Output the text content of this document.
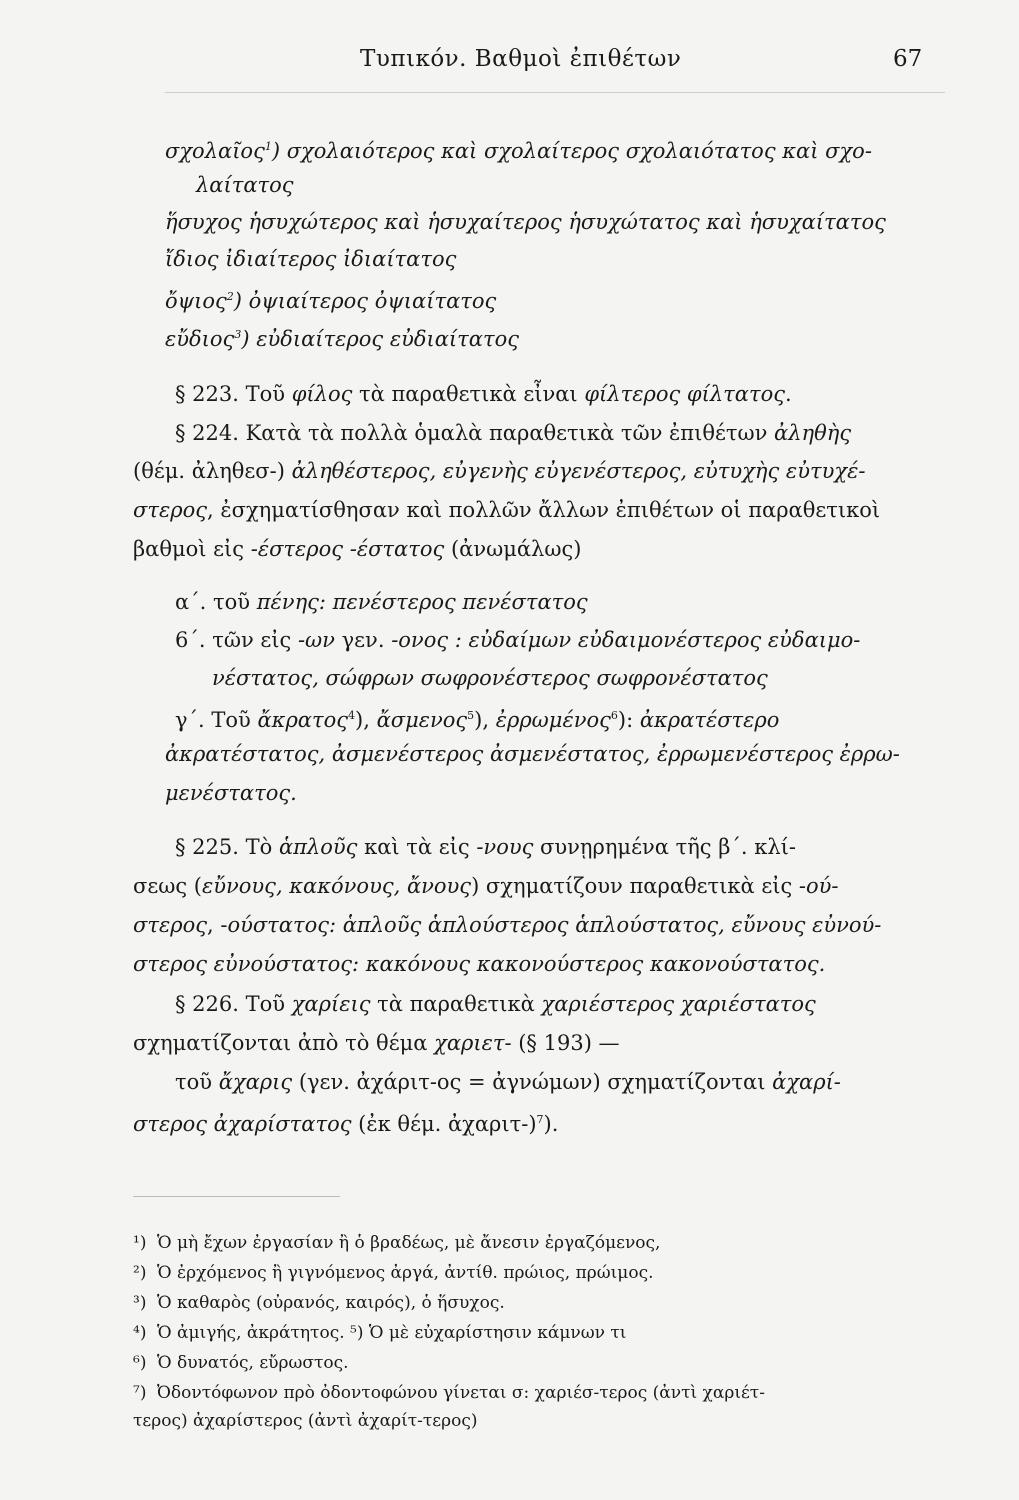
Τυπικόν. Βαθμοὶ ἐπιθέτων	67
σχολαῖος$^1$) σχολαιότερος καὶ σχολαίτερος σχολαιότατος καὶ σχο-
λαίτατος
ἥσυχος ἡσυχώτερος καὶ ἡσυχαίτερος ἡσυχώτατος καὶ ἡσυχαίτατος
ἴδιος ἰδιαίτερος ἰδιαίτατος
ὄψιος$^2$) ὀψιαίτερος ὀψιαίτατος
εὔδιος$^3$) εὐδιαίτερος εὐδιαίτατος
§ 223. Τοῦ φίλος τὰ παραθετικὰ εἶναι φίλτερος φίλτατος.
§ 224. Κατὰ τὰ πολλὰ ὁμαλὰ παραθετικὰ τῶν ἐπιθέτων ἀληθὴς
(θέμ. ἀληθεσ-) ἀληθέστερος, εὐγενὴς εὐγενέστερος, εὐτυχὴς εὐτυχέ-
στερος, ἐσχηματίσθησαν καὶ πολλῶν ἄλλων ἐπιθέτων οἱ παραθετικοὶ
βαθμοὶ εἰς -έστερος -έστατος (ἀνωμάλως)
α΄. τοῦ πένης: πενέστερος πενέστατος
6΄. τῶν εἰς -ων γεν. -ονος : εὐδαίμων εὐδαιμονέστερος εὐδαιμο-
νέστατος, σώφρων σωφρονέστερος σωφρονέστατος
γ΄. Τοῦ ἄκρατος$^4$), ἄσμενος$^5$), ἐρρωμένος$^6$): ἀκρατέστερο
ἀκρατέστατος, ἀσμενέστερος ἀσμενέστατος, ἐρρωμενέστερος ἐρρω-
μενέστατος.
§ 225. Τὸ ἁπλοῦς καὶ τὰ εἰς -νους συνῃρημένα τῆς β΄. κλί-
σεως (εὔνους, κακόνους, ἄνους) σχηματίζουν παραθετικὰ εἰς -ού-
στερος, -ούστατος: ἁπλοῦς ἁπλούστερος ἁπλούστατος, εὔνους εὐνού-
στερος εὐνούστατος: κακόνους κακονούστερος κακονούστατος.
§ 226. Τοῦ χαρίεις τὰ παραθετικὰ χαριέστερος χαριέστατος
σχηματίζονται ἀπὸ τὸ θέμα χαριετ- (§ 193) —
τοῦ ἄχαρις (γεν. ἀχάριτ-ος = ἀγνώμων) σχηματίζονται ἀχαρί-
στερος ἀχαρίστατος (ἐκ θέμ. ἀχαριτ-)$^7$).
¹) Ὁ μὴ ἔχων ἐργασίαν ἢ ὁ βραδέως, μὲ ἄνεσιν ἐργαζόμενος,
²) Ὁ ἐρχόμενος ἢ γιγνόμενος ἀργά, ἀντίθ. πρώιος, πρώιμος.
³) Ὁ καθαρὸς (οὐρανός, καιρός), ὁ ἥσυχος.
⁴) Ὁ ἀμιγής, ἀκράτητος. ⁵) Ὁ μὲ εὐχαρίστησιν κάμνων τι
⁶) Ὁ δυνατός, εὔρωστος.
⁷) Ὀδοντόφωνον πρὸ ὀδοντοφώνου γίνεται σ: χαριέσ-τερος (ἀντὶ χαριέτ-
τερος) ἀχαρίστερος (ἀντὶ ἀχαρίτ-τερος)
